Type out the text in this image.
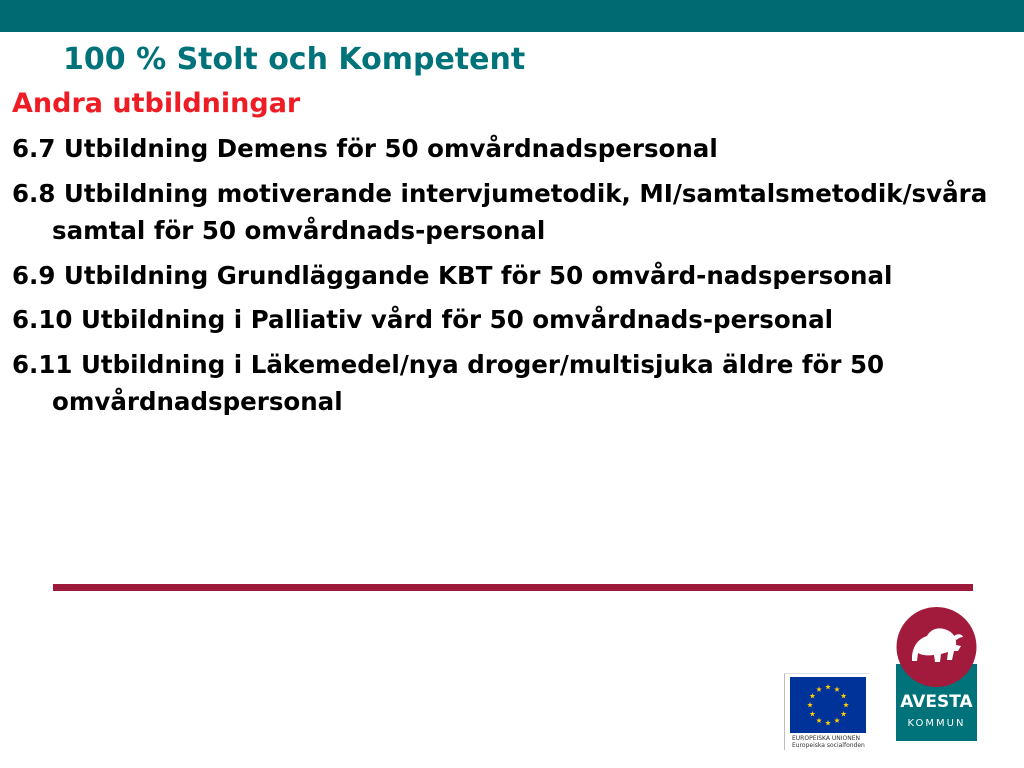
100 % Stolt och Kompetent
Andra utbildningar
6.7 Utbildning Demens för 50 omvårdnadspersonal
6.8 Utbildning motiverande intervjumetodik, MI/samtalsmetodik/svåra samtal för 50 omvårdnads-personal
6.9 Utbildning Grundläggande KBT för 50 omvård-nadspersonal
6.10 Utbildning i Palliativ vård för 50 omvårdnads-personal
6.11 Utbildning i Läkemedel/nya droger/multisjuka äldre för 50 omvårdnadspersonal
EUROPEISKA UNIONEN
Europeiska socialfonden
AVESTA
KOMMUN
